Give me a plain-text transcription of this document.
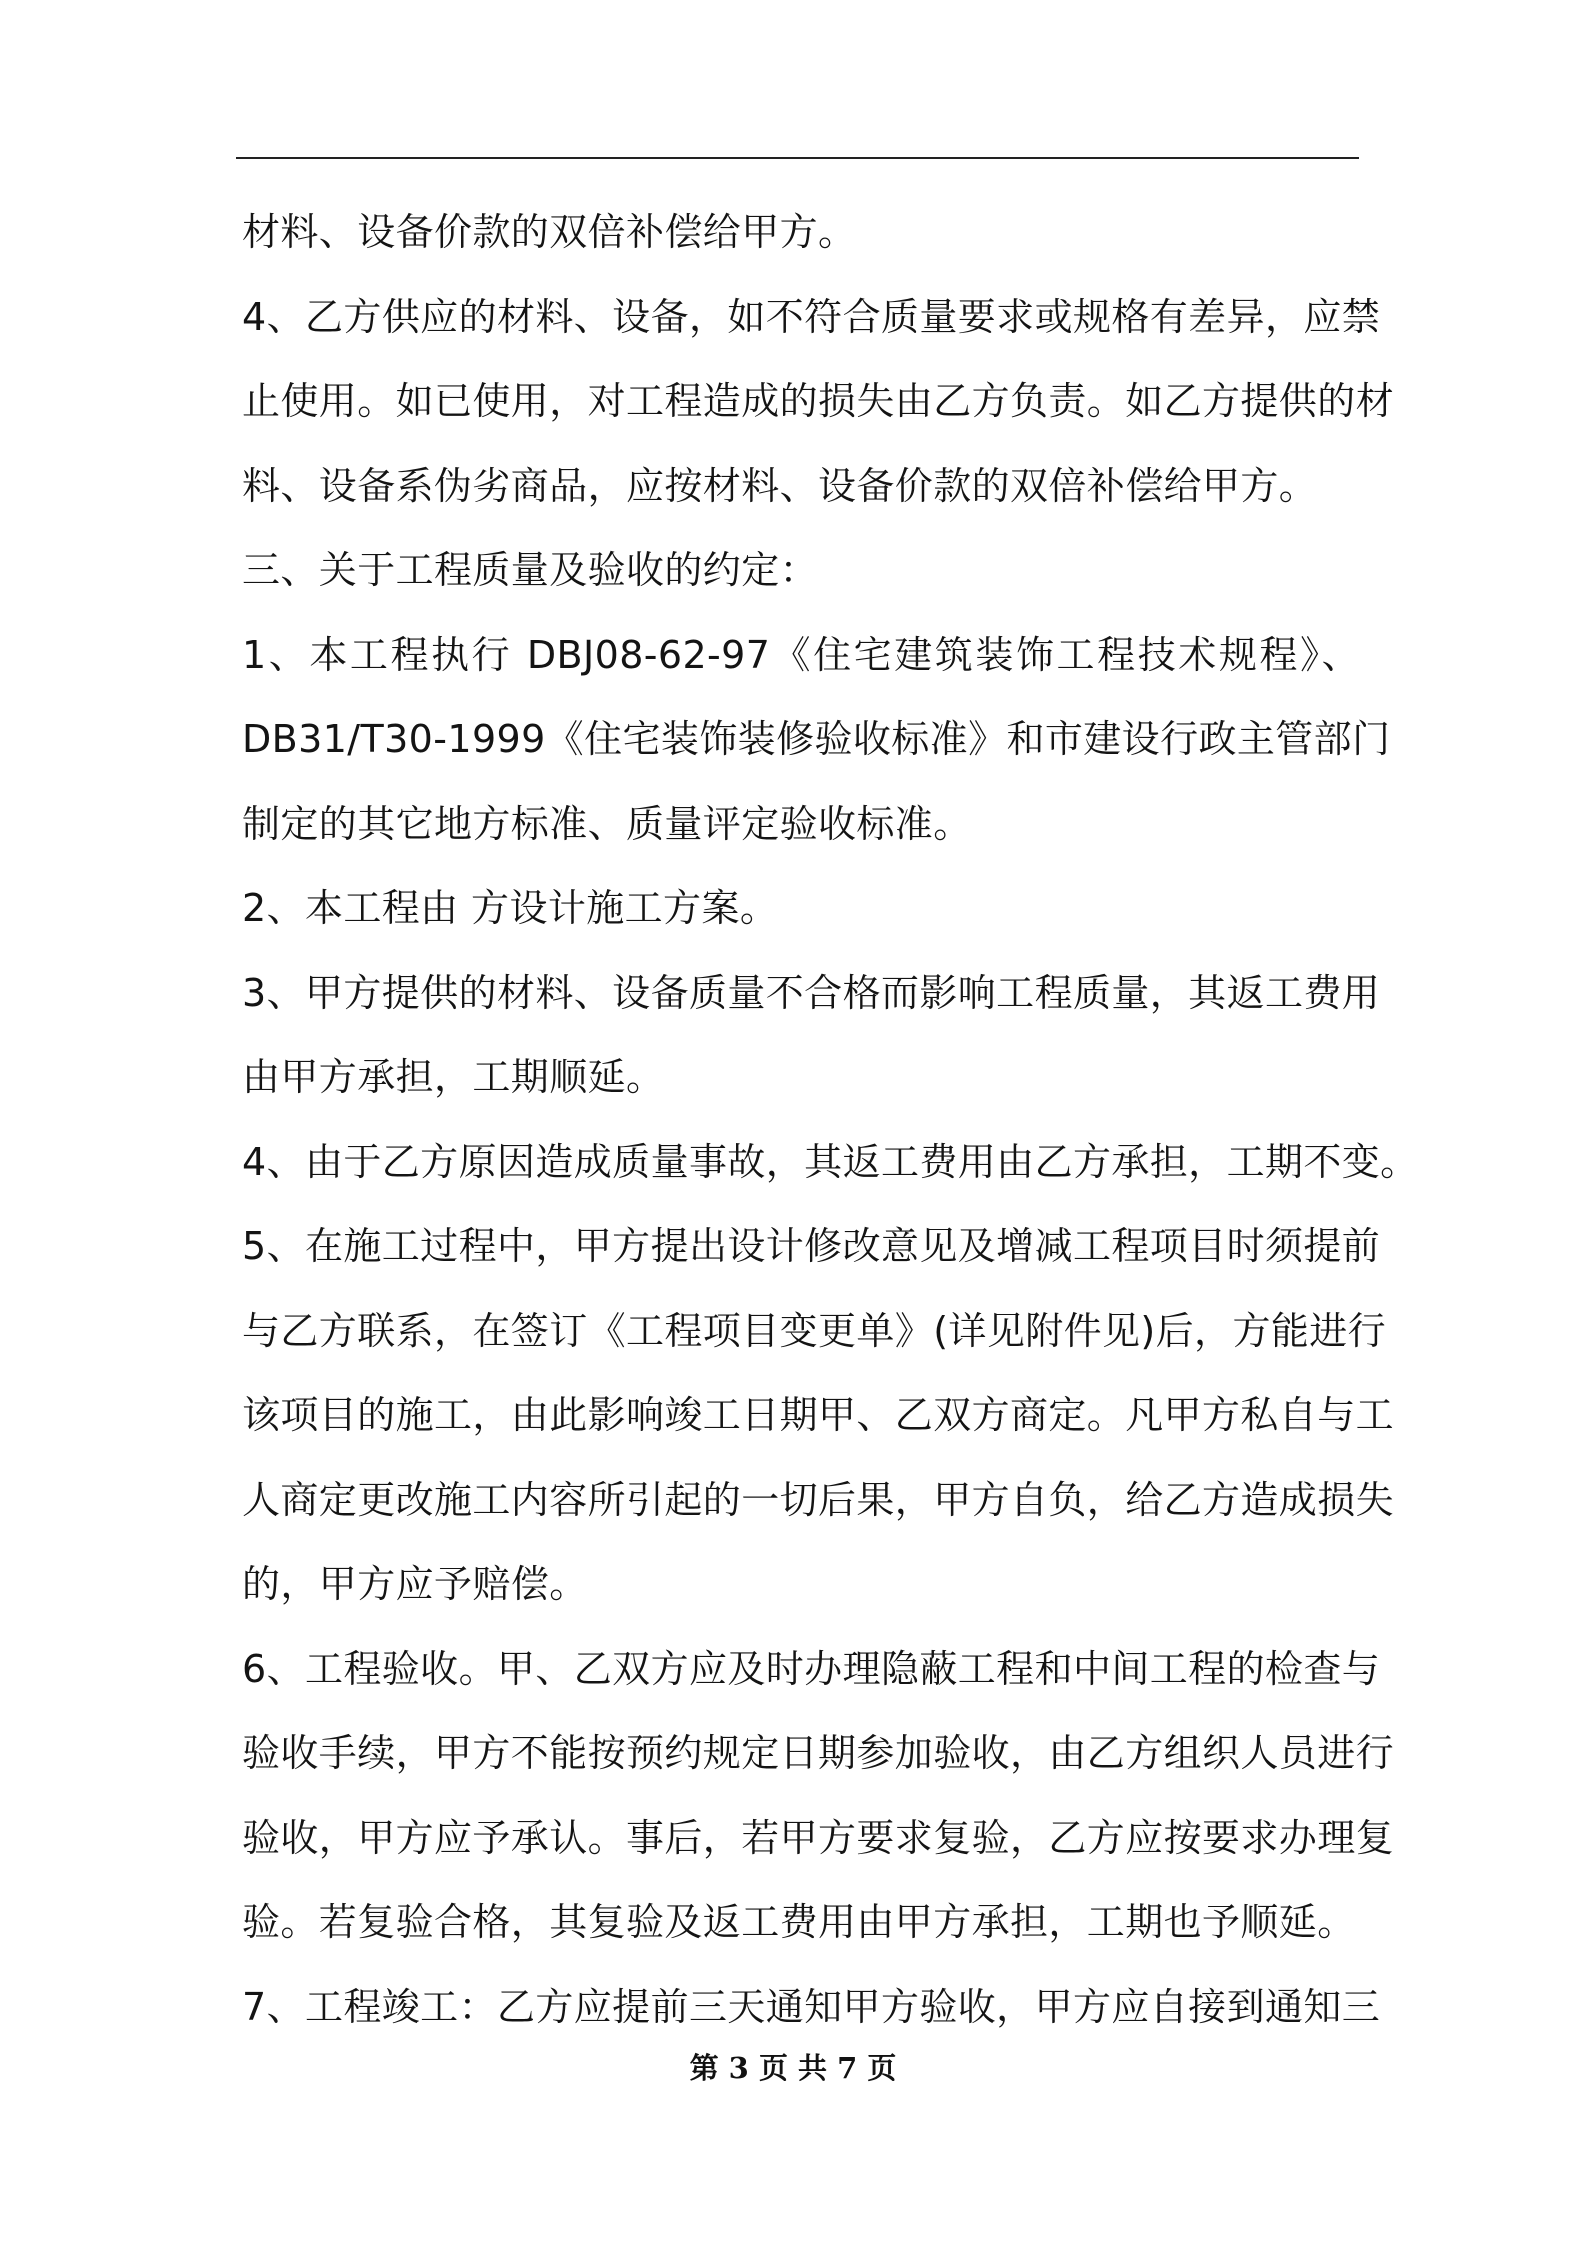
材料、设备价款的双倍补偿给甲方。
4、乙方供应的材料、设备，如不符合质量要求或规格有差异，应禁
止使用。如已使用，对工程造成的损失由乙方负责。如乙方提供的材
料、设备系伪劣商品，应按材料、设备价款的双倍补偿给甲方。
三、关于工程质量及验收的约定：
1、本工程执行 DBJ08-62-97《住宅建筑装饰工程技术规程》、
DB31/T30-1999《住宅装饰装修验收标准》和市建设行政主管部门
制定的其它地方标准、质量评定验收标准。
2、本工程由 方设计施工方案。
3、甲方提供的材料、设备质量不合格而影响工程质量，其返工费用
由甲方承担，工期顺延。
4、由于乙方原因造成质量事故，其返工费用由乙方承担，工期不变。
5、在施工过程中，甲方提出设计修改意见及增减工程项目时须提前
与乙方联系，在签订《工程项目变更单》(详见附件见)后，方能进行
该项目的施工，由此影响竣工日期甲、乙双方商定。凡甲方私自与工
人商定更改施工内容所引起的一切后果，甲方自负，给乙方造成损失
的，甲方应予赔偿。
6、工程验收。甲、乙双方应及时办理隐蔽工程和中间工程的检查与
验收手续，甲方不能按预约规定日期参加验收，由乙方组织人员进行
验收，甲方应予承认。事后，若甲方要求复验，乙方应按要求办理复
验。若复验合格，其复验及返工费用由甲方承担，工期也予顺延。
7、工程竣工：乙方应提前三天通知甲方验收，甲方应自接到通知三
第 3 页 共 7 页
